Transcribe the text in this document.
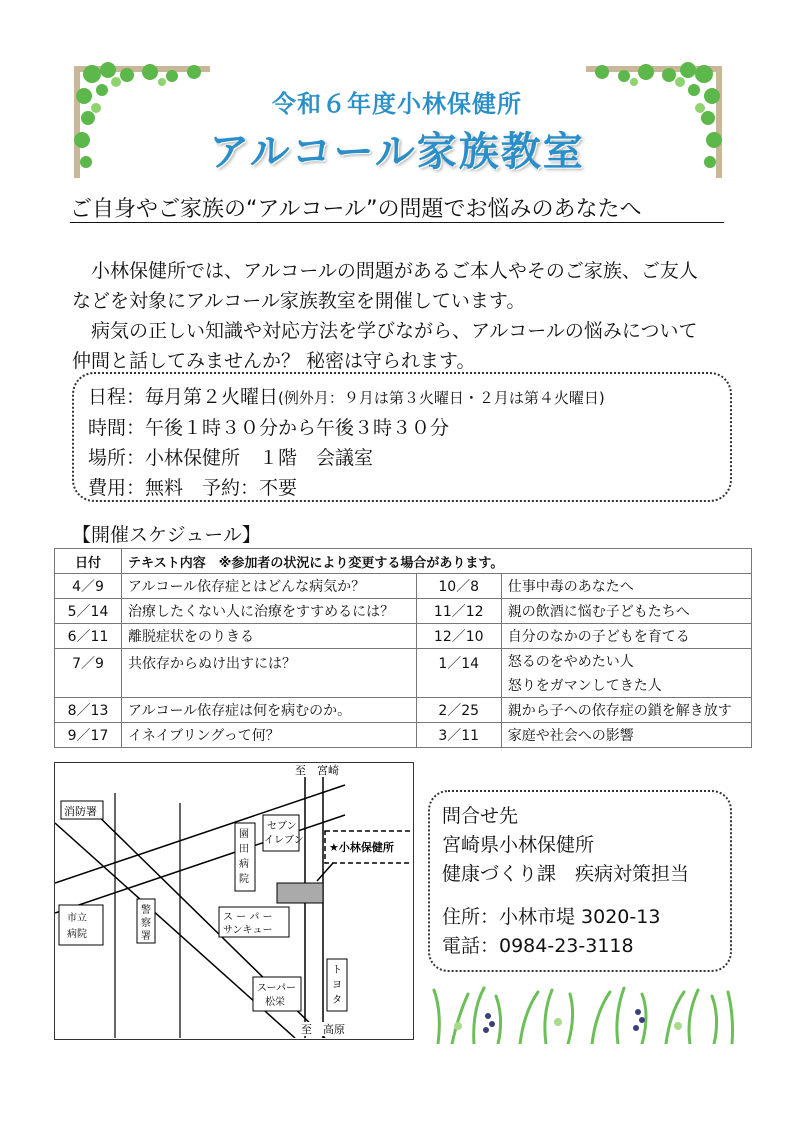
令和６年度小林保健所
アルコール家族教室
ご自身やご家族の“アルコール”の問題でお悩みのあなたへ

　小林保健所では、アルコールの問題があるご本人やそのご家族、ご友人

などを対象にアルコール家族教室を開催しています。

　病気の正しい知識や対応方法を学びながら、アルコールの悩みについて

仲間と話してみませんか？ 秘密は守られます。

日程：毎月第２火曜日(例外月：９月は第３火曜日・２月は第４火曜日)
時間：午後１時３０分から午後３時３０分
場所：小林保健所　１階　会議室
費用：無料　予約：不要
【開催スケジュール】
日付	テキスト内容　※参加者の状況により変更する場合があります。		
4／9	アルコール依存症とはどんな病気か？	10／8	仕事中毒のあなたへ
5／14	治療したくない人に治療をすすめるには？	11／12	親の飲酒に悩む子どもたちへ
6／11	離脱症状をのりきる	12／10	自分のなかの子どもを育てる
7／9	共依存からぬけ出すには？	1／14	怒るのをやめたい人
			怒りをガマンしてきた人
8／13	アルコール依存症は何を病むのか。	2／25	親から子への依存症の鎖を解き放す
9／17	イネイブリングって何？	3／11	家庭や社会への影響
消防署
セブン
イレブン
園
田
病
院
★小林保健所
警
察
署
市立
病院
ス ー パ ー
サンキュー
ト
ヨ
タ
スーパー
松栄
至　宮崎
至　高原
問合せ先
宮崎県小林保健所
健康づくり課　疾病対策担当
住所：小林市堤 3020-13
電話：0984-23-3118
